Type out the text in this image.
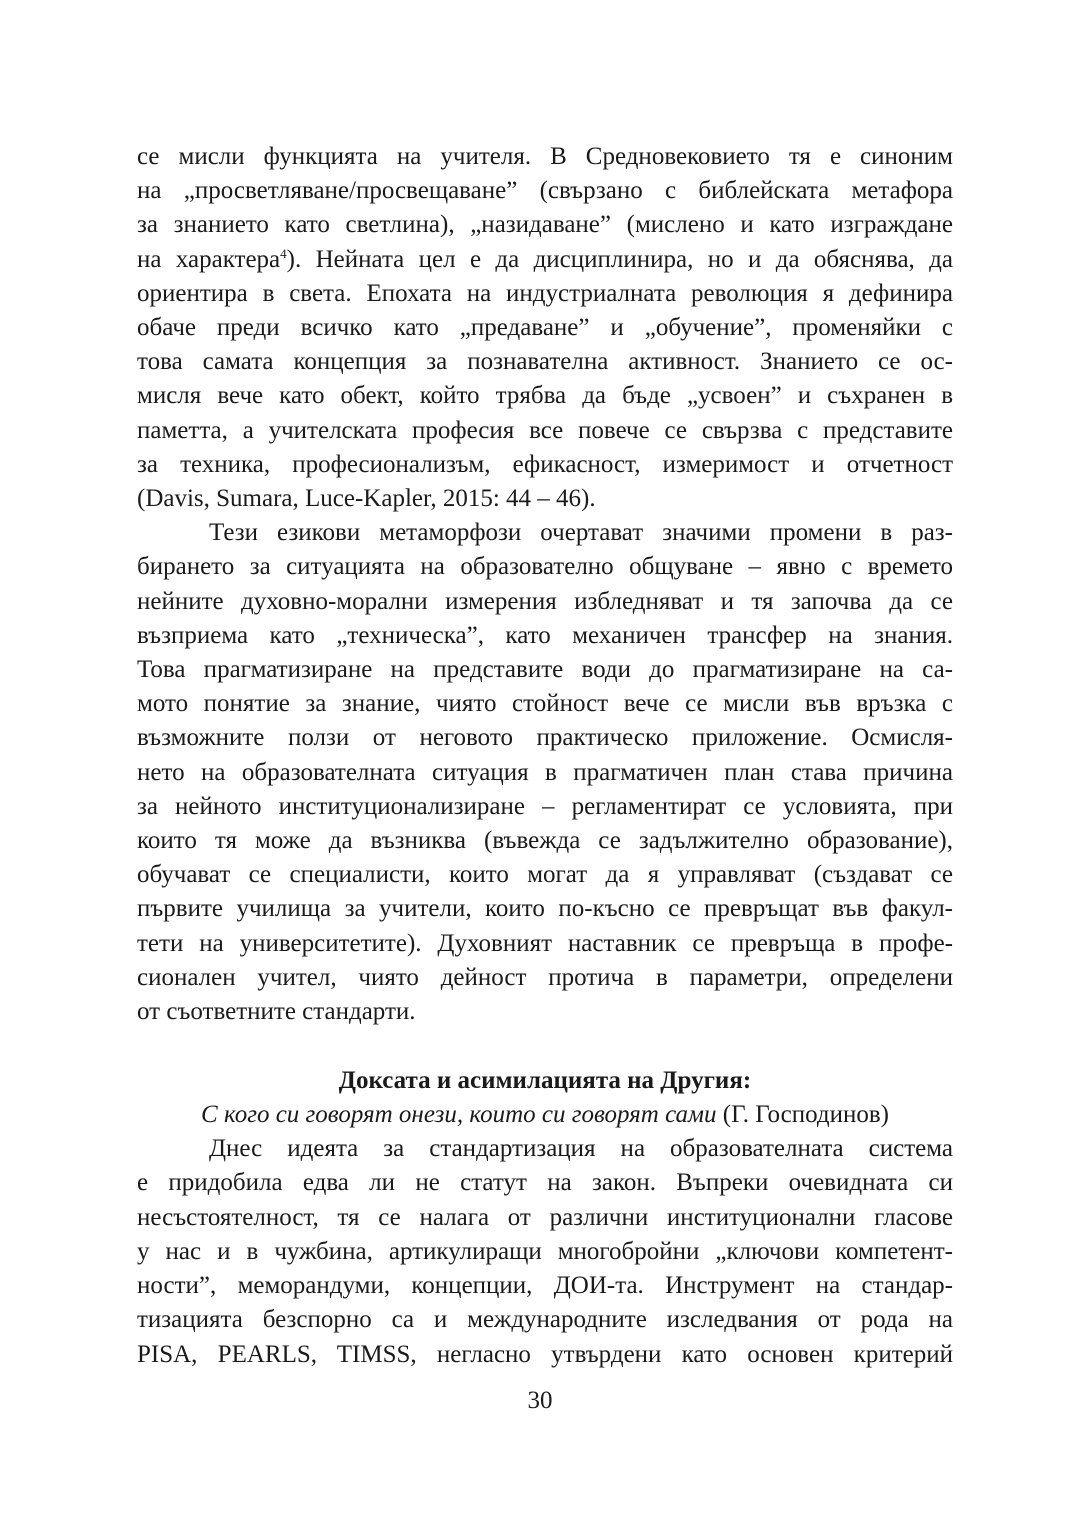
се мисли функцията на учителя. В Средновековието тя е синоним
на „просветляване/просвещаване” (свързано с библейската метафора
за знанието като светлина), „назидаване” (мислено и като изграждане
на характера$^4$). Нейната цел е да дисциплинира, но и да обяснява, да
ориентира в света. Епохата на индустриалната революция я дефинира
обаче преди всичко като „предаване” и „обучение”, променяйки с
това самата концепция за познавателна активност. Знанието се ос-
мисля вече като обект, който трябва да бъде „усвоен” и съхранен в
паметта, а учителската професия все повече се свързва с представите
за техника, професионализъм, ефикасност, измеримост и отчетност
(Davis, Sumara, Luce-Kapler, 2015: 44 – 46).

Тези езикови метаморфози очертават значими промени в раз-
бирането за ситуацията на образователно общуване – явно с времето
нейните духовно-морални измерения избледняват и тя започва да се
възприема като „техническа”, като механичен трансфер на знания.
Това прагматизиране на представите води до прагматизиране на са-
мото понятие за знание, чиято стойност вече се мисли във връзка с
възможните ползи от неговото практическо приложение. Осмисля-
нето на образователната ситуация в прагматичен план става причина
за нейното институционализиране – регламентират се условията, при
които тя може да възниква (въвежда се задължително образование),
обучават се специалисти, които могат да я управляват (създават се
първите училища за учители, които по-късно се превръщат във факул-
тети на университетите). Духовният наставник се превръща в профе-
сионален учител, чиято дейност протича в параметри, определени
от съответните стандарти.

Доксата и асимилацията на Другия:

С кого си говорят онези, които си говорят сами (Г. Господинов)

Днес идеята за стандартизация на образователната система
е придобила едва ли не статут на закон. Въпреки очевидната си
несъстоятелност, тя се налага от различни институционални гласове
у нас и в чужбина, артикулиращи многобройни „ключови компетент-
ности”, меморандуми, концепции, ДОИ-та. Инструмент на стандар-
тизацията безспорно са и международните изследвания от рода на
PISA, PEARLS, TIMSS, негласно утвърдени като основен критерий

30
